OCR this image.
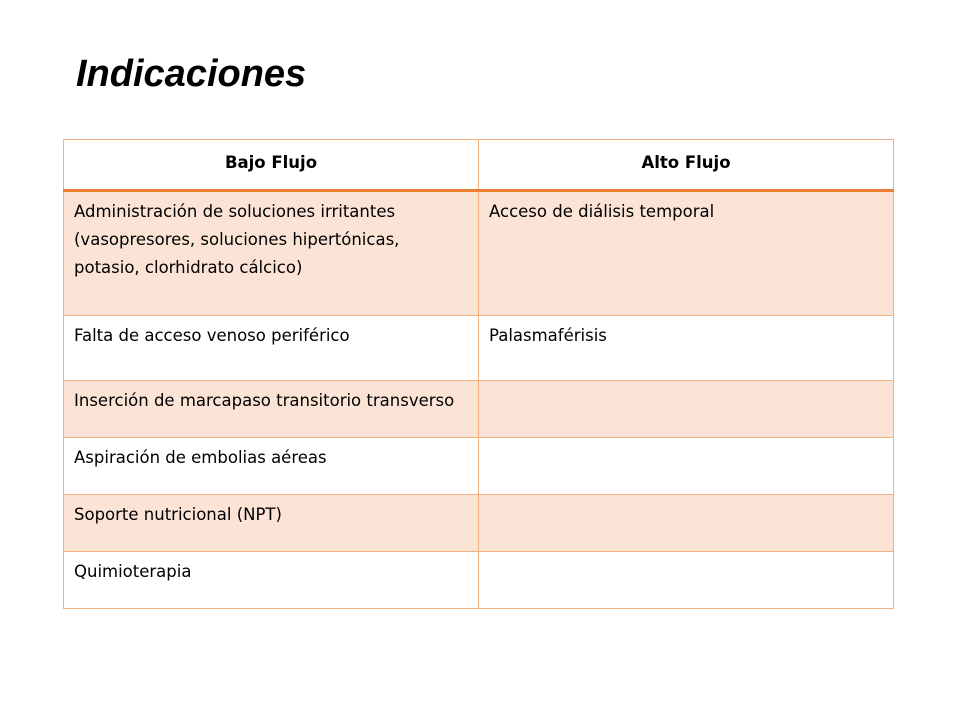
Indicaciones
Bajo Flujo	Alto Flujo
Administración de soluciones irritantes (vasopresores, soluciones hipertónicas, potasio, clorhidrato cálcico)	Acceso de diálisis temporal
Falta de acceso venoso periférico	Palasmaférisis
Inserción de marcapaso transitorio transverso	
Aspiración de embolias aéreas	
Soporte nutricional (NPT)	
Quimioterapia	
